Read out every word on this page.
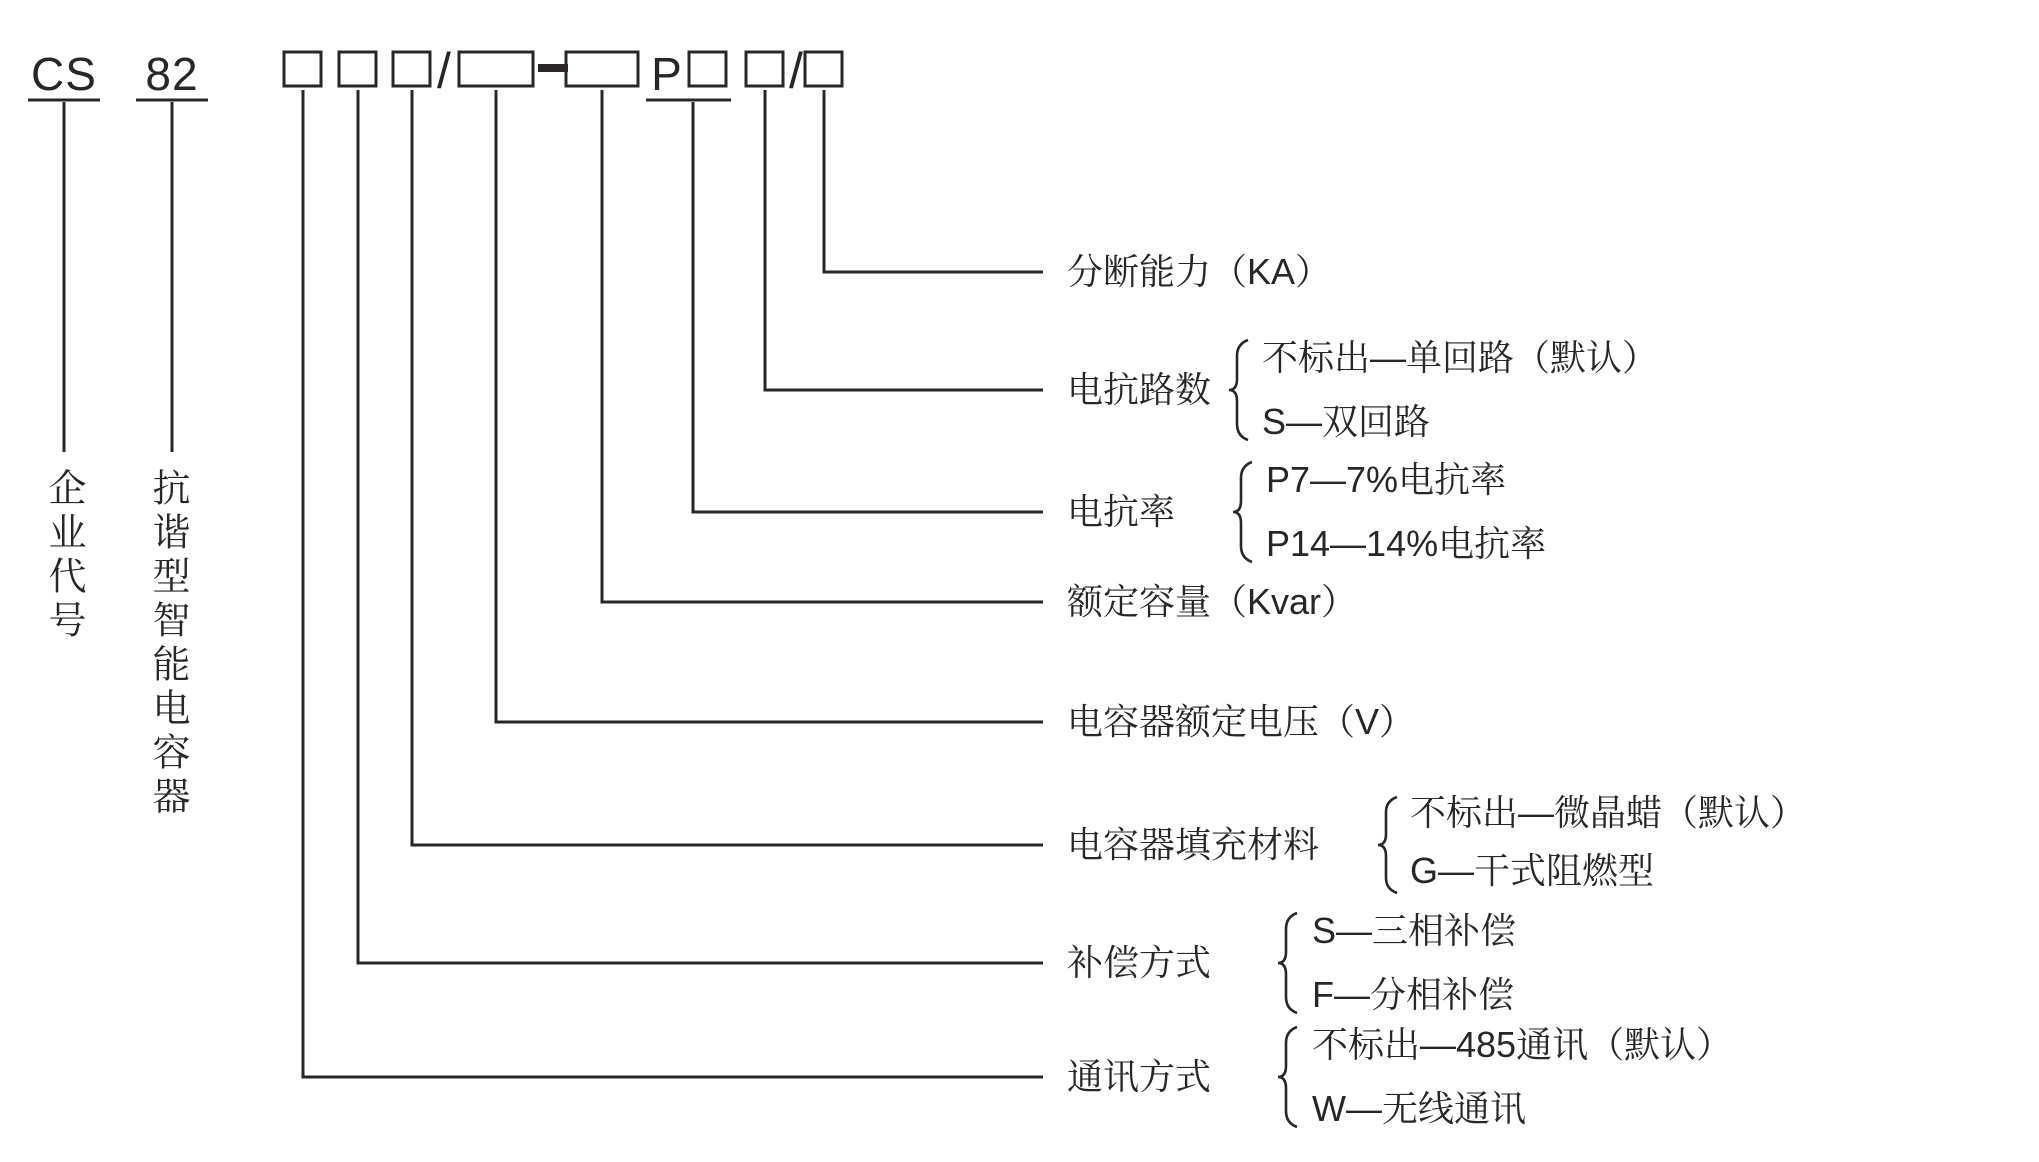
CS 82	/	P /
企业代号 抗谐型智能电容器
分断能力（KA）
电抗路数
不标出—单回路（默认）
S—双回路
电抗率
P7—7%电抗率
P14—14%电抗率
额定容量（Kvar）
电容器额定电压（V）
电容器填充材料
不标出—微晶蜡（默认）
G—干式阻燃型
补偿方式
S—三相补偿
F—分相补偿
通讯方式
不标出—485通讯（默认）
W—无线通讯
